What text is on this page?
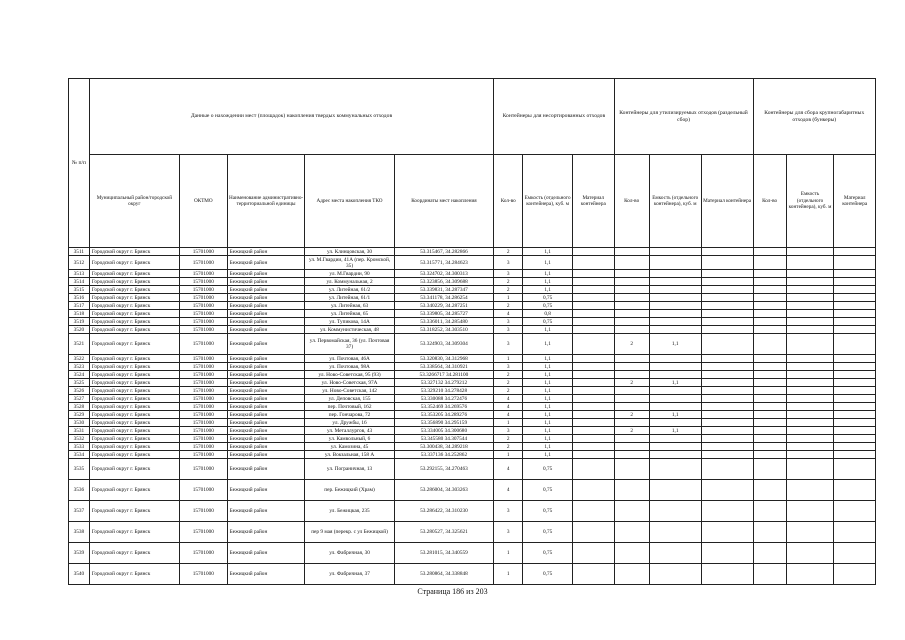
№ п/п	Данные о нахождении мест (площадок) накопления твердых коммунальных отходов					Контейнеры для несортированных отходов			Контейнеры для утилизируемых отходов (раздельный сбор)			Контейнеры для сбора крупногабаритных отходов (бункеры)		
	Муниципальный район/городской округ	ОКТМО	Наименование административно-территориальной единицы	Адрес места накопления ТКО	Координаты мест накопления	Кол-во	Емкость (отдельного контейнера), куб. м	Материал контейнера	Кол-во	Емкость (отдельного контейнера), куб. м	Материал контейнера	Кол-во	Емкость (отдельного контейнера), куб. м	Материал контейнера
3511	Городской округ г. Брянск	15701000	Бежицкий район	ул. Клинцовская, 30	53.315467, 34.282866	2	1,1							
3512	Городской округ г. Брянск	15701000	Бежицкий район	ул. М.Гвардии, 41А (пер. Кромской, 35)	53.315771, 34.284623	3	1,1							
3513	Городской округ г. Брянск	15701000	Бежицкий район	ул. М.Гвардии, 90	53.324702, 34.300313	3	1,1							
3514	Городской округ г. Брянск	15701000	Бежицкий район	ул. Коммунальная, 2	53.323856, 34.309688	2	1,1							
3515	Городской округ г. Брянск	15701000	Бежицкий район	ул. Литейная, 61/2	53.339831, 34.287347	2	1,1							
3516	Городской округ г. Брянск	15701000	Бежицкий район	ул. Литейная, 61/1	53.341178, 34.286254	1	0,75							
3517	Городской округ г. Брянск	15701000	Бежицкий район	ул. Литейная, 63	53.340229, 34.287251	2	0,75							
3518	Городской округ г. Брянск	15701000	Бежицкий район	ул. Литейная, 65	53.339805, 34.285727	4	0,8							
3519	Городской округ г. Брянск	15701000	Бежицкий район	ул. Тупикова, 14А	53.336011, 34.285480	3	0,75							
3520	Городской округ г. Брянск	15701000	Бежицкий район	ул. Коммунистическая, 48	53.318252, 34.303510	3	1,1							
3521	Городской округ г. Брянск	15701000	Бежицкий район	ул. Первомайская, 36 (ул. Почтовая 37)	53.324903, 34.309304	3	1,1		2	1,1				
3522	Городской округ г. Брянск	15701000	Бежицкий район	ул. Почтовая, 46А	53.320830, 34.312968	1	1,1							
3523	Городской округ г. Брянск	15701000	Бежицкий район	ул. Почтовая, 98А	53.338564, 34.310921	3	1,1							
3524	Городской округ г. Брянск	15701000	Бежицкий район	ул. Ново-Советская, 95 (93)	53.3266717 34.281100	2	1,1							
3525	Городской округ г. Брянск	15701000	Бежицкий район	ул. Ново-Советская, 97А	53.327132 34.279212	2	1,1		2	1,1				
3526	Городской округ г. Брянск	15701000	Бежицкий район	ул. Ново-Советская, 142	53.329210 34.278428	2	1,1							
3527	Городской округ г. Брянск	15701000	Бежицкий район	ул. Деповская, 155	53.330088 34.272476	4	1,1							
3528	Городской округ г. Брянск	15701000	Бежицкий район	пер. Почтовый, 162	53.352469 34.269576	4	1,1							
3529	Городской округ г. Брянск	15701000	Бежицкий район	пер. Гончарова, 72	53.353205 34.289276	4	1,1		2	1,1				
3530	Городской округ г. Брянск	15701000	Бежицкий район	ул. Дружбы, 16	53.356890 34.295159	1	1,1							
3531	Городской округ г. Брянск	15701000	Бежицкий район	ул. Металлургов, 43	53.334005 34.300680	3	1,1		2	1,1				
3532	Городской округ г. Брянск	15701000	Бежицкий район	ул. Камвольный, 6	53.345580 34.307544	2	1,1							
3533	Городской округ г. Брянск	15701000	Бежицкий район	ул. Камозина, 45	53.300438, 34.289218	2	1,1							
3534	Городской округ г. Брянск	15701000	Бежицкий район	ул. Вокзальная, 158 А	53.337136 34.252862	1	1,1							
3535	Городской округ г. Брянск	15701000	Бежицкий район	ул. Пограничная, 13	53.292155, 34.270463	4	0,75							
3536	Городской округ г. Брянск	15701000	Бежицкий район	пер. Бежицкий (Храм)	53.286004, 34.303263	4	0,75							
3537	Городской округ г. Брянск	15701000	Бежицкий район	ул. Бежицкая, 235	53.286422, 34.310230	3	0,75							
3538	Городской округ г. Брянск	15701000	Бежицкий район	пер 9 мая (перекр. с ул Бежицкой)	53.280527, 34.325621	3	0,75							
3539	Городской округ г. Брянск	15701000	Бежицкий район	ул. Фабричная, 30	53.281015, 34.340559	1	0,75							
3540	Городской округ г. Брянск	15701000	Бежицкий район	ул. Фабричная, 37	53.280864, 34.338848	1	0,75							
Страница 186 из 203
